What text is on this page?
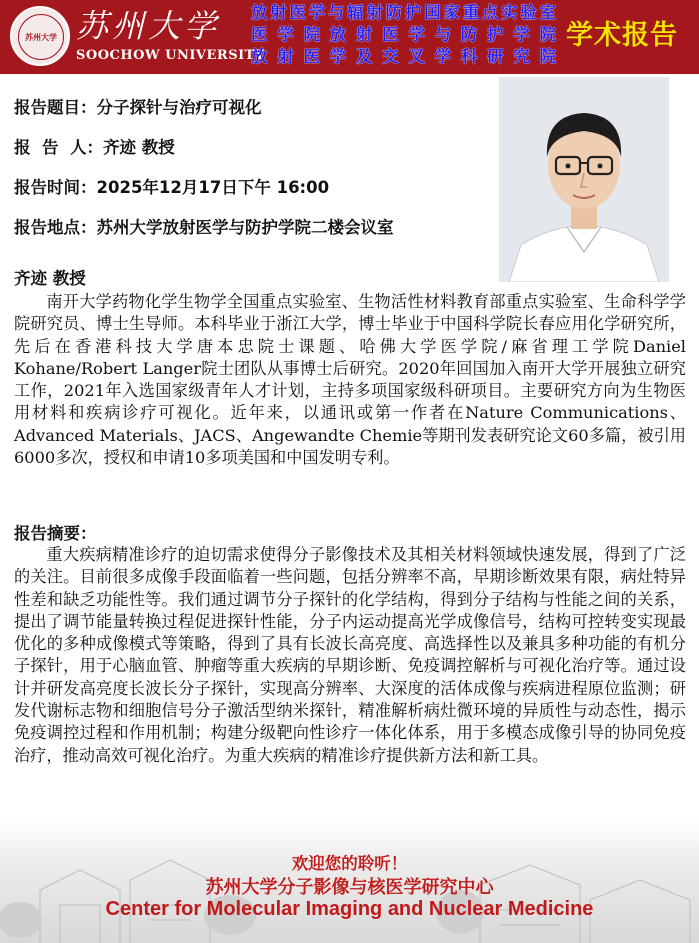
苏州大学 苏州大学
SOOCHOW UNIVERSITY
放射医学与辐射防护国家重点实验室
医学院放射医学与防护学院
放射医学及交叉学科研究院
学术报告
报告题目：分子探针与治疗可视化
报  告  人：齐迹 教授
报告时间：2025年12月17日下午 16:00
报告地点：苏州大学放射医学与防护学院二楼会议室
齐迹 教授

南开大学药物化学生物学全国重点实验室、生物活性材料教育部重点实验室、生命科学学院研究员、博士生导师。本科毕业于浙江大学，博士毕业于中国科学院长春应用化学研究所，先后在香港科技大学唐本忠院士课题、哈佛大学医学院/麻省理工学院Daniel Kohane/Robert Langer院士团队从事博士后研究。2020年回国加入南开大学开展独立研究工作，2021年入选国家级青年人才计划，主持多项国家级科研项目。主要研究方向为生物医用材料和疾病诊疗可视化。近年来，以通讯或第一作者在Nature Communications、Advanced Materials、JACS、Angewandte Chemie等期刊发表研究论文60多篇，被引用6000多次，授权和申请10多项美国和中国发明专利。

报告摘要：

重大疾病精准诊疗的迫切需求使得分子影像技术及其相关材料领域快速发展，得到了广泛的关注。目前很多成像手段面临着一些问题，包括分辨率不高，早期诊断效果有限，病灶特异性差和缺乏功能性等。我们通过调节分子探针的化学结构，得到分子结构与性能之间的关系，提出了调节能量转换过程促进探针性能，分子内运动提高光学成像信号，结构可控转变实现最优化的多种成像模式等策略，得到了具有长波长高亮度、高选择性以及兼具多种功能的有机分子探针，用于心脑血管、肿瘤等重大疾病的早期诊断、免疫调控解析与可视化治疗等。通过设计并研发高亮度长波长分子探针，实现高分辨率、大深度的活体成像与疾病进程原位监测；研发代谢标志物和细胞信号分子激活型纳米探针，精准解析病灶微环境的异质性与动态性，揭示免疫调控过程和作用机制；构建分级靶向性诊疗一体化体系，用于多模态成像引导的协同免疫治疗，推动高效可视化治疗。为重大疾病的精准诊疗提供新方法和新工具。

欢迎您的聆听！
苏州大学分子影像与核医学研究中心
Center for Molecular Imaging and Nuclear Medicine
